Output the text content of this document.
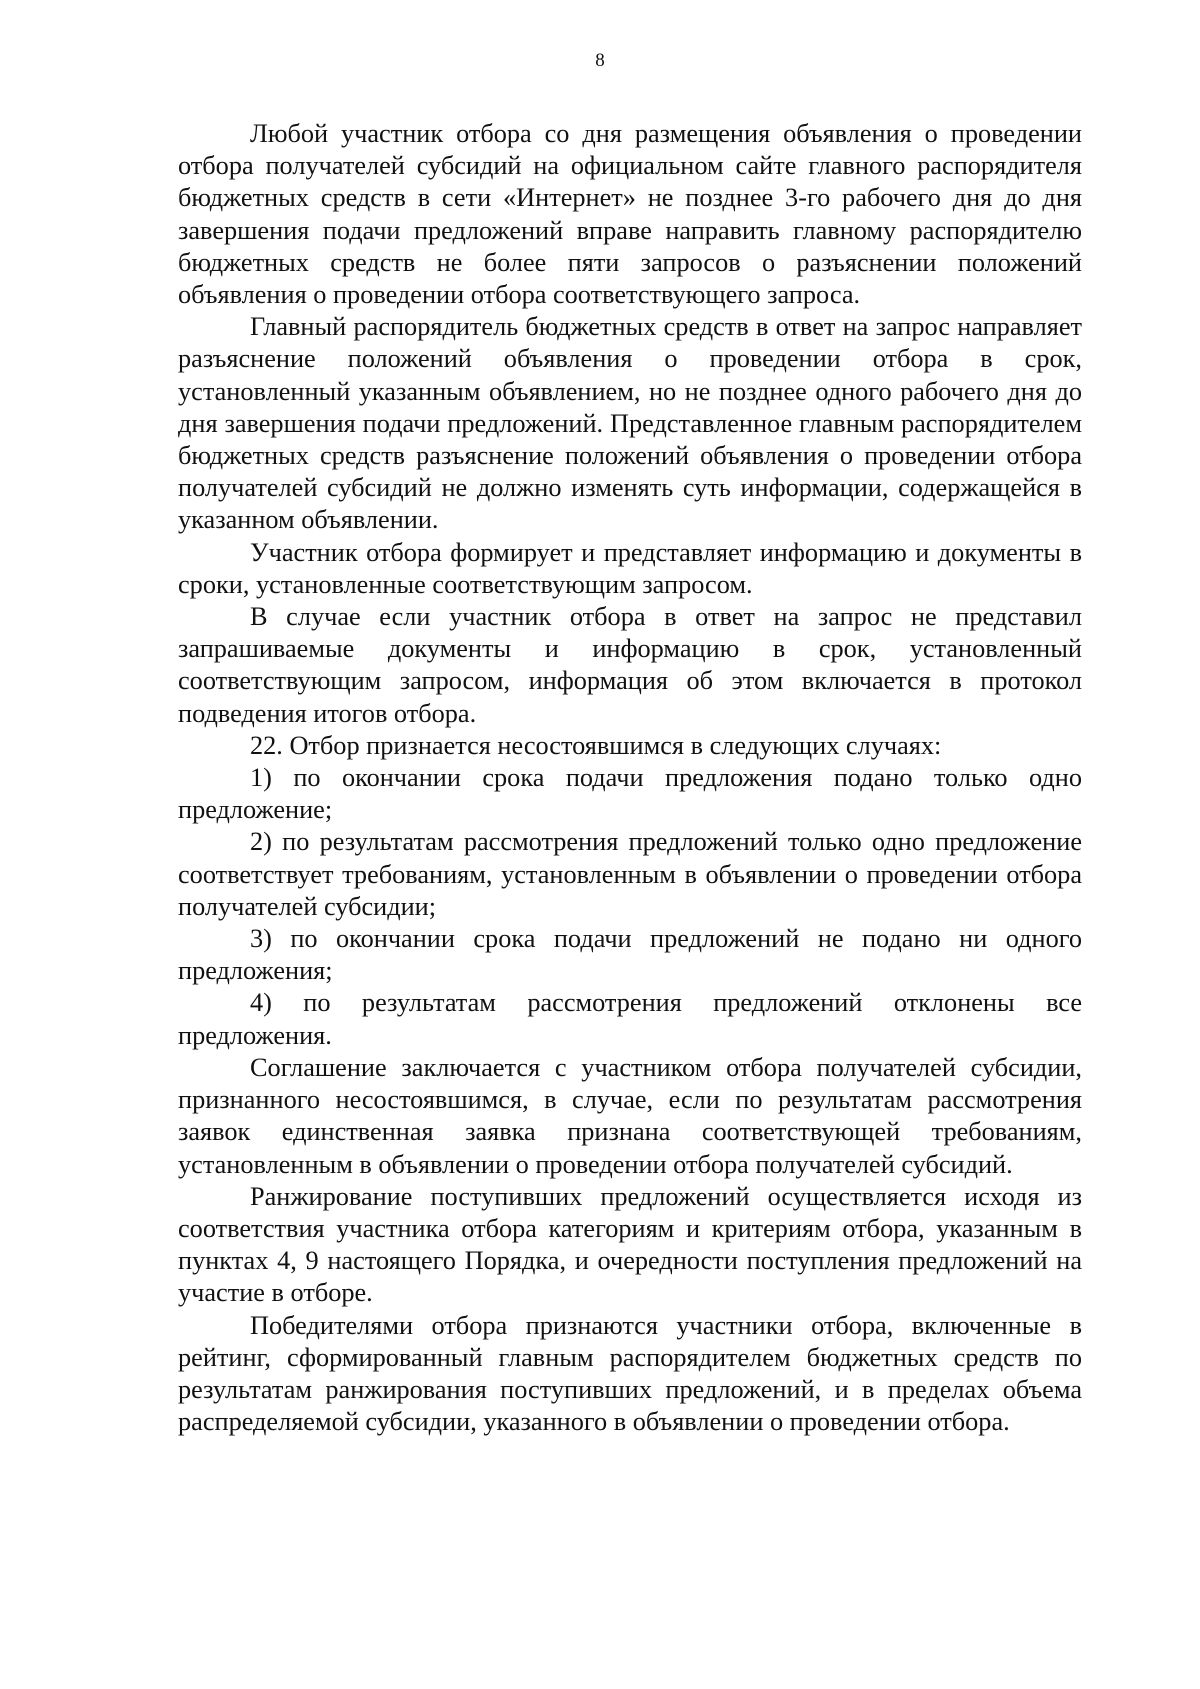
8

Любой участник отбора со дня размещения объявления о проведении отбора получателей субсидий на официальном сайте главного распорядителя бюджетных средств в сети «Интернет» не позднее 3-го рабочего дня до дня завершения подачи предложений вправе направить главному распорядителю бюджетных средств не более пяти запросов о разъяснении положений объявления о проведении отбора соответствующего запроса.

Главный распорядитель бюджетных средств в ответ на запрос направляет разъяснение положений объявления о проведении отбора в срок, установленный указанным объявлением, но не позднее одного рабочего дня до дня завершения подачи предложений. Представленное главным распорядителем бюджетных средств разъяснение положений объявления о проведении отбора получателей субсидий не должно изменять суть информации, содержащейся в указанном объявлении.

Участник отбора формирует и представляет информацию и документы в сроки, установленные соответствующим запросом.

В случае если участник отбора в ответ на запрос не представил запрашиваемые документы и информацию в срок, установленный соответствующим запросом, информация об этом включается в протокол подведения итогов отбора.

22. Отбор признается несостоявшимся в следующих случаях:

1) по окончании срока подачи предложения подано только одно предложение;

2) по результатам рассмотрения предложений только одно предложение соответствует требованиям, установленным в объявлении о проведении отбора получателей субсидии;

3) по окончании срока подачи предложений не подано ни одного предложения;

4) по результатам рассмотрения предложений отклонены все предложения.

Соглашение заключается с участником отбора получателей субсидии, признанного несостоявшимся, в случае, если по результатам рассмотрения заявок единственная заявка признана соответствующей требованиям, установленным в объявлении о проведении отбора получателей субсидий.

Ранжирование поступивших предложений осуществляется исходя из соответствия участника отбора категориям и критериям отбора, указанным в пунктах 4, 9 настоящего Порядка, и очередности поступления предложений на участие в отборе.

Победителями отбора признаются участники отбора, включенные в рейтинг, сформированный главным распорядителем бюджетных средств по результатам ранжирования поступивших предложений, и в пределах объема распределяемой субсидии, указанного в объявлении о проведении отбора.
